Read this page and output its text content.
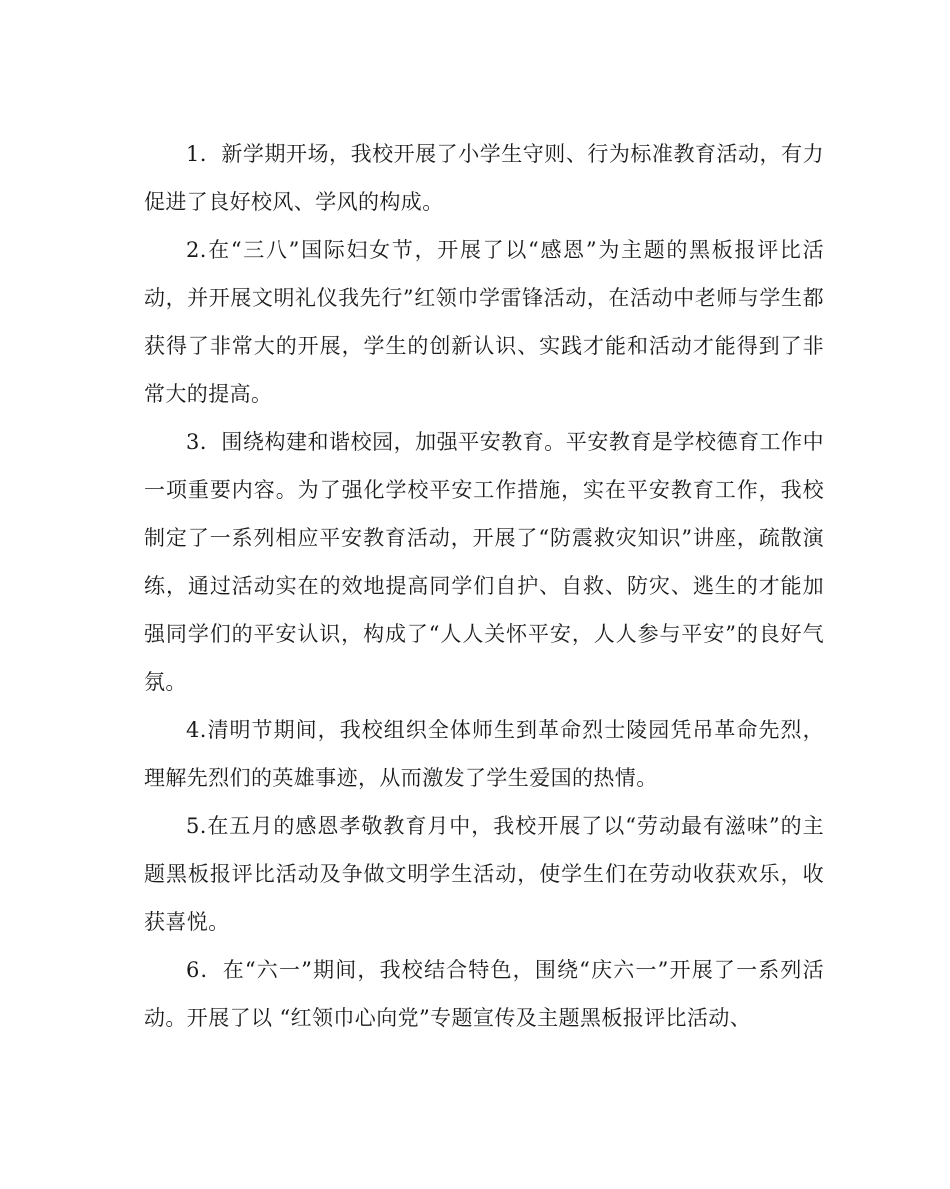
1．新学期开场，我校开展了小学生守则、行为标准教育活动，有力促进了良好校风、学风的构成。

2.在“三八”国际妇女节，开展了以“感恩”为主题的黑板报评比活动，并开展文明礼仪我先行”红领巾学雷锋活动，在活动中老师与学生都获得了非常大的开展，学生的创新认识、实践才能和活动才能得到了非常大的提高。

3．围绕构建和谐校园，加强平安教育。平安教育是学校德育工作中一项重要内容。为了强化学校平安工作措施，实在平安教育工作，我校制定了一系列相应平安教育活动，开展了“防震救灾知识”讲座，疏散演练，通过活动实在的效地提高同学们自护、自救、防灾、逃生的才能加强同学们的平安认识，构成了“人人关怀平安，人人参与平安”的良好气氛。

4.清明节期间，我校组织全体师生到革命烈士陵园凭吊革命先烈，理解先烈们的英雄事迹，从而激发了学生爱国的热情。

5.在五月的感恩孝敬教育月中，我校开展了以“劳动最有滋味”的主题黑板报评比活动及争做文明学生活动，使学生们在劳动收获欢乐，收获喜悦。

6．在“六一”期间，我校结合特色，围绕“庆六一”开展了一系列活动。开展了以 “红领巾心向党”专题宣传及主题黑板报评比活动、
